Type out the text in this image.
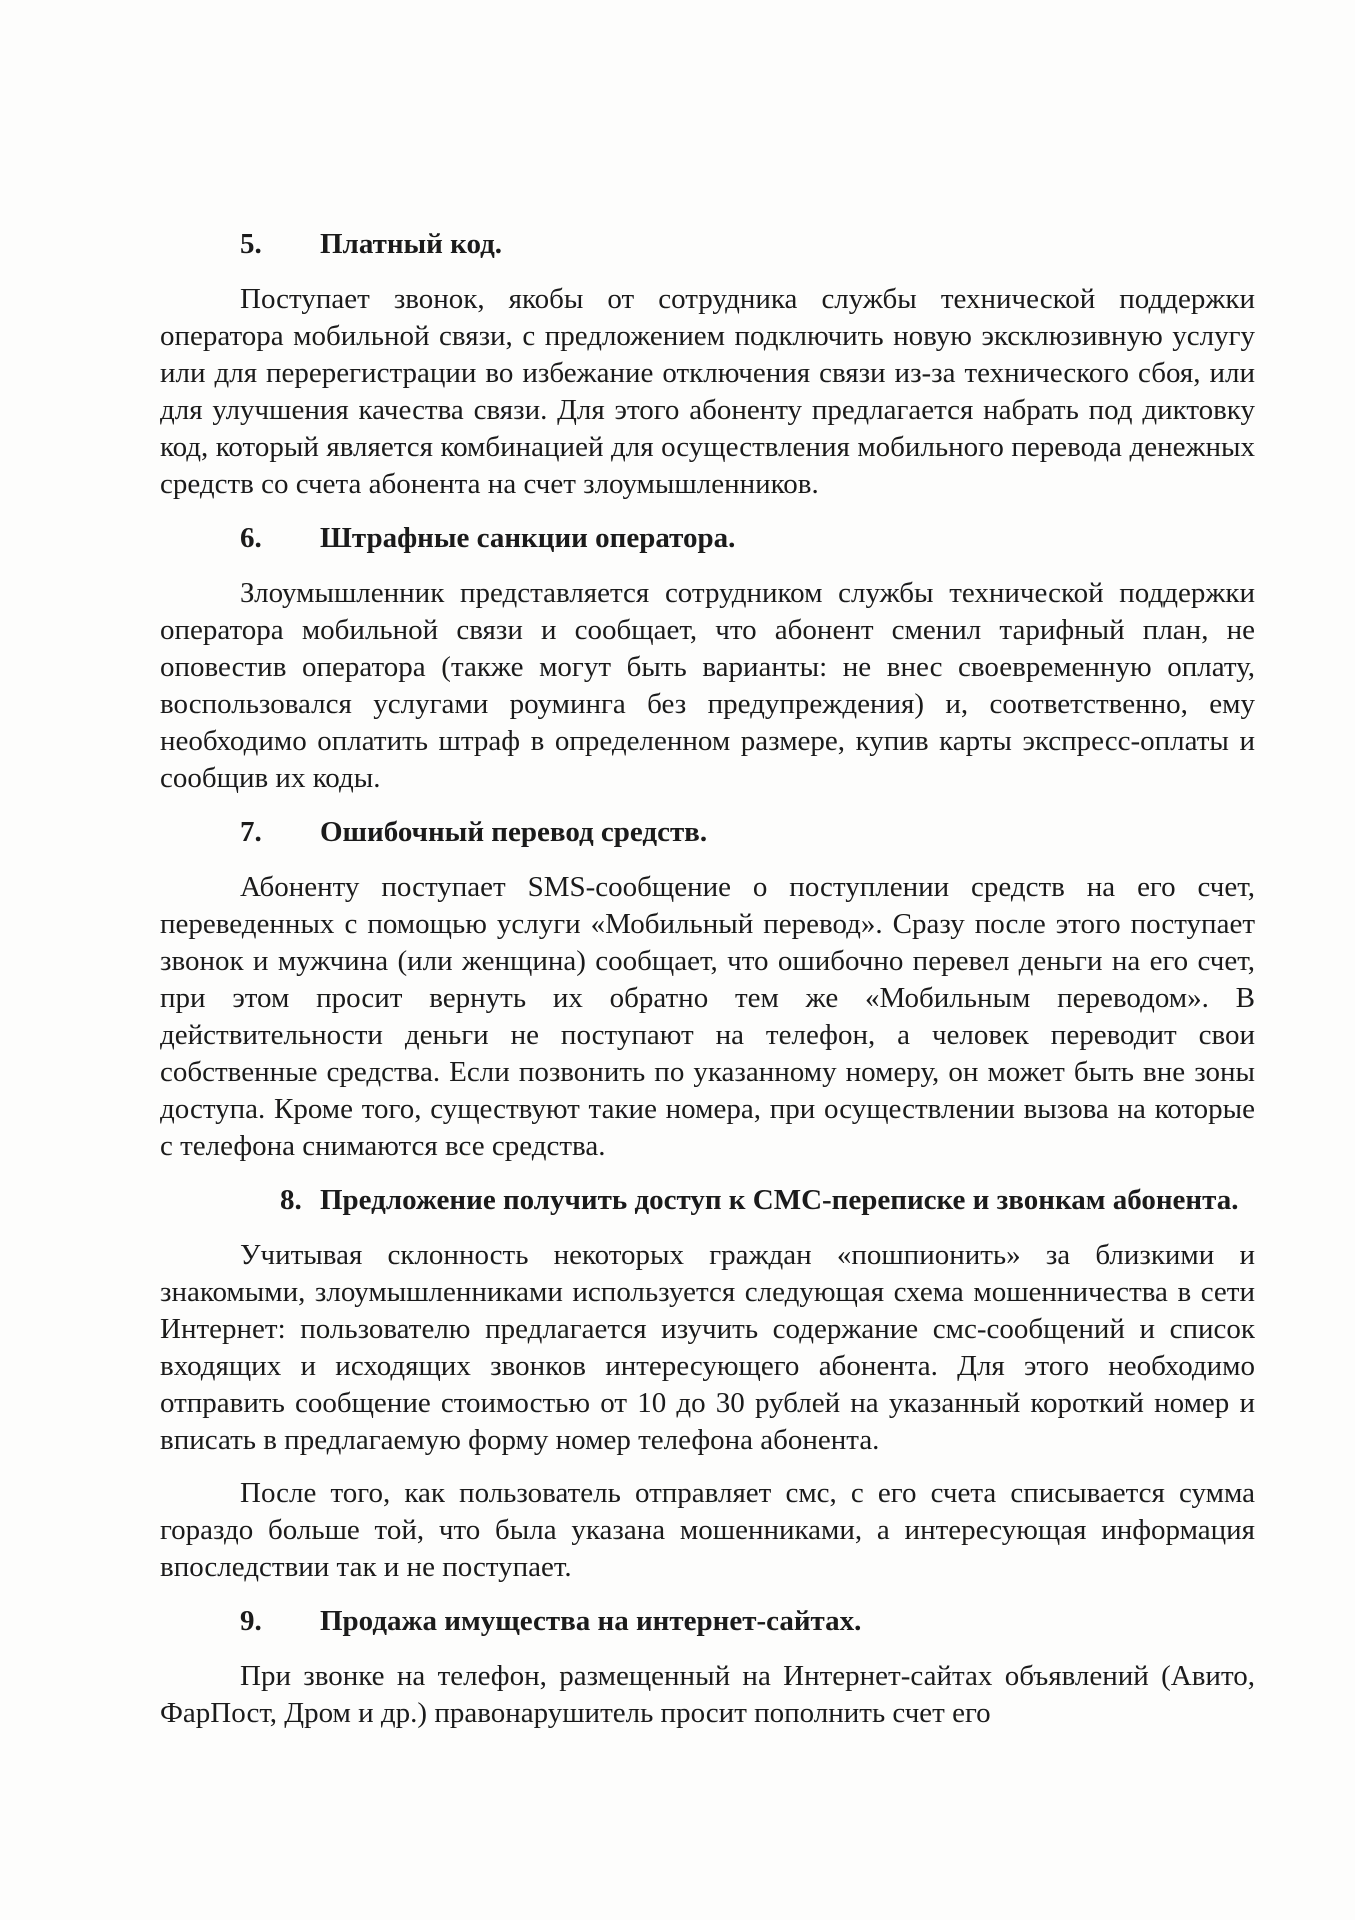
5. Платный код.

Поступает звонок, якобы от сотрудника службы технической поддержки оператора мобильной связи, с предложением подключить новую эксклюзивную услугу или для перерегистрации во избежание отключения связи из-за технического сбоя, или для улучшения качества связи. Для этого абоненту предлагается набрать под диктовку код, который является комбинацией для осуществления мобильного перевода денежных средств со счета абонента на счет злоумышленников.

6. Штрафные санкции оператора.

Злоумышленник представляется сотрудником службы технической поддержки оператора мобильной связи и сообщает, что абонент сменил тарифный план, не оповестив оператора (также могут быть варианты: не внес своевременную оплату, воспользовался услугами роуминга без предупреждения) и, соответственно, ему необходимо оплатить штраф в определенном размере, купив карты экспресс-оплаты и сообщив их коды.

7. Ошибочный перевод средств.

Абоненту поступает SMS-сообщение о поступлении средств на его счет, переведенных с помощью услуги «Мобильный перевод». Сразу после этого поступает звонок и мужчина (или женщина) сообщает, что ошибочно перевел деньги на его счет, при этом просит вернуть их обратно тем же «Мобильным переводом». В действительности деньги не поступают на телефон, а человек переводит свои собственные средства. Если позвонить по указанному номеру, он может быть вне зоны доступа. Кроме того, существуют такие номера, при осуществлении вызова на которые с телефона снимаются все средства.

8. Предложение получить доступ к СМС-переписке и звонкам абонента.

Учитывая склонность некоторых граждан «пошпионить» за близкими и знакомыми, злоумышленниками используется следующая схема мошенничества в сети Интернет: пользователю предлагается изучить содержание смс-сообщений и список входящих и исходящих звонков интересующего абонента. Для этого необходимо отправить сообщение стоимостью от 10 до 30 рублей на указанный короткий номер и вписать в предлагаемую форму номер телефона абонента.

После того, как пользователь отправляет смс, с его счета списывается сумма гораздо больше той, что была указана мошенниками, а интересующая информация впоследствии так и не поступает.

9. Продажа имущества на интернет-сайтах.

При звонке на телефон, размещенный на Интернет-сайтах объявлений (Авито, ФарПост, Дром и др.) правонарушитель просит пополнить счет его
